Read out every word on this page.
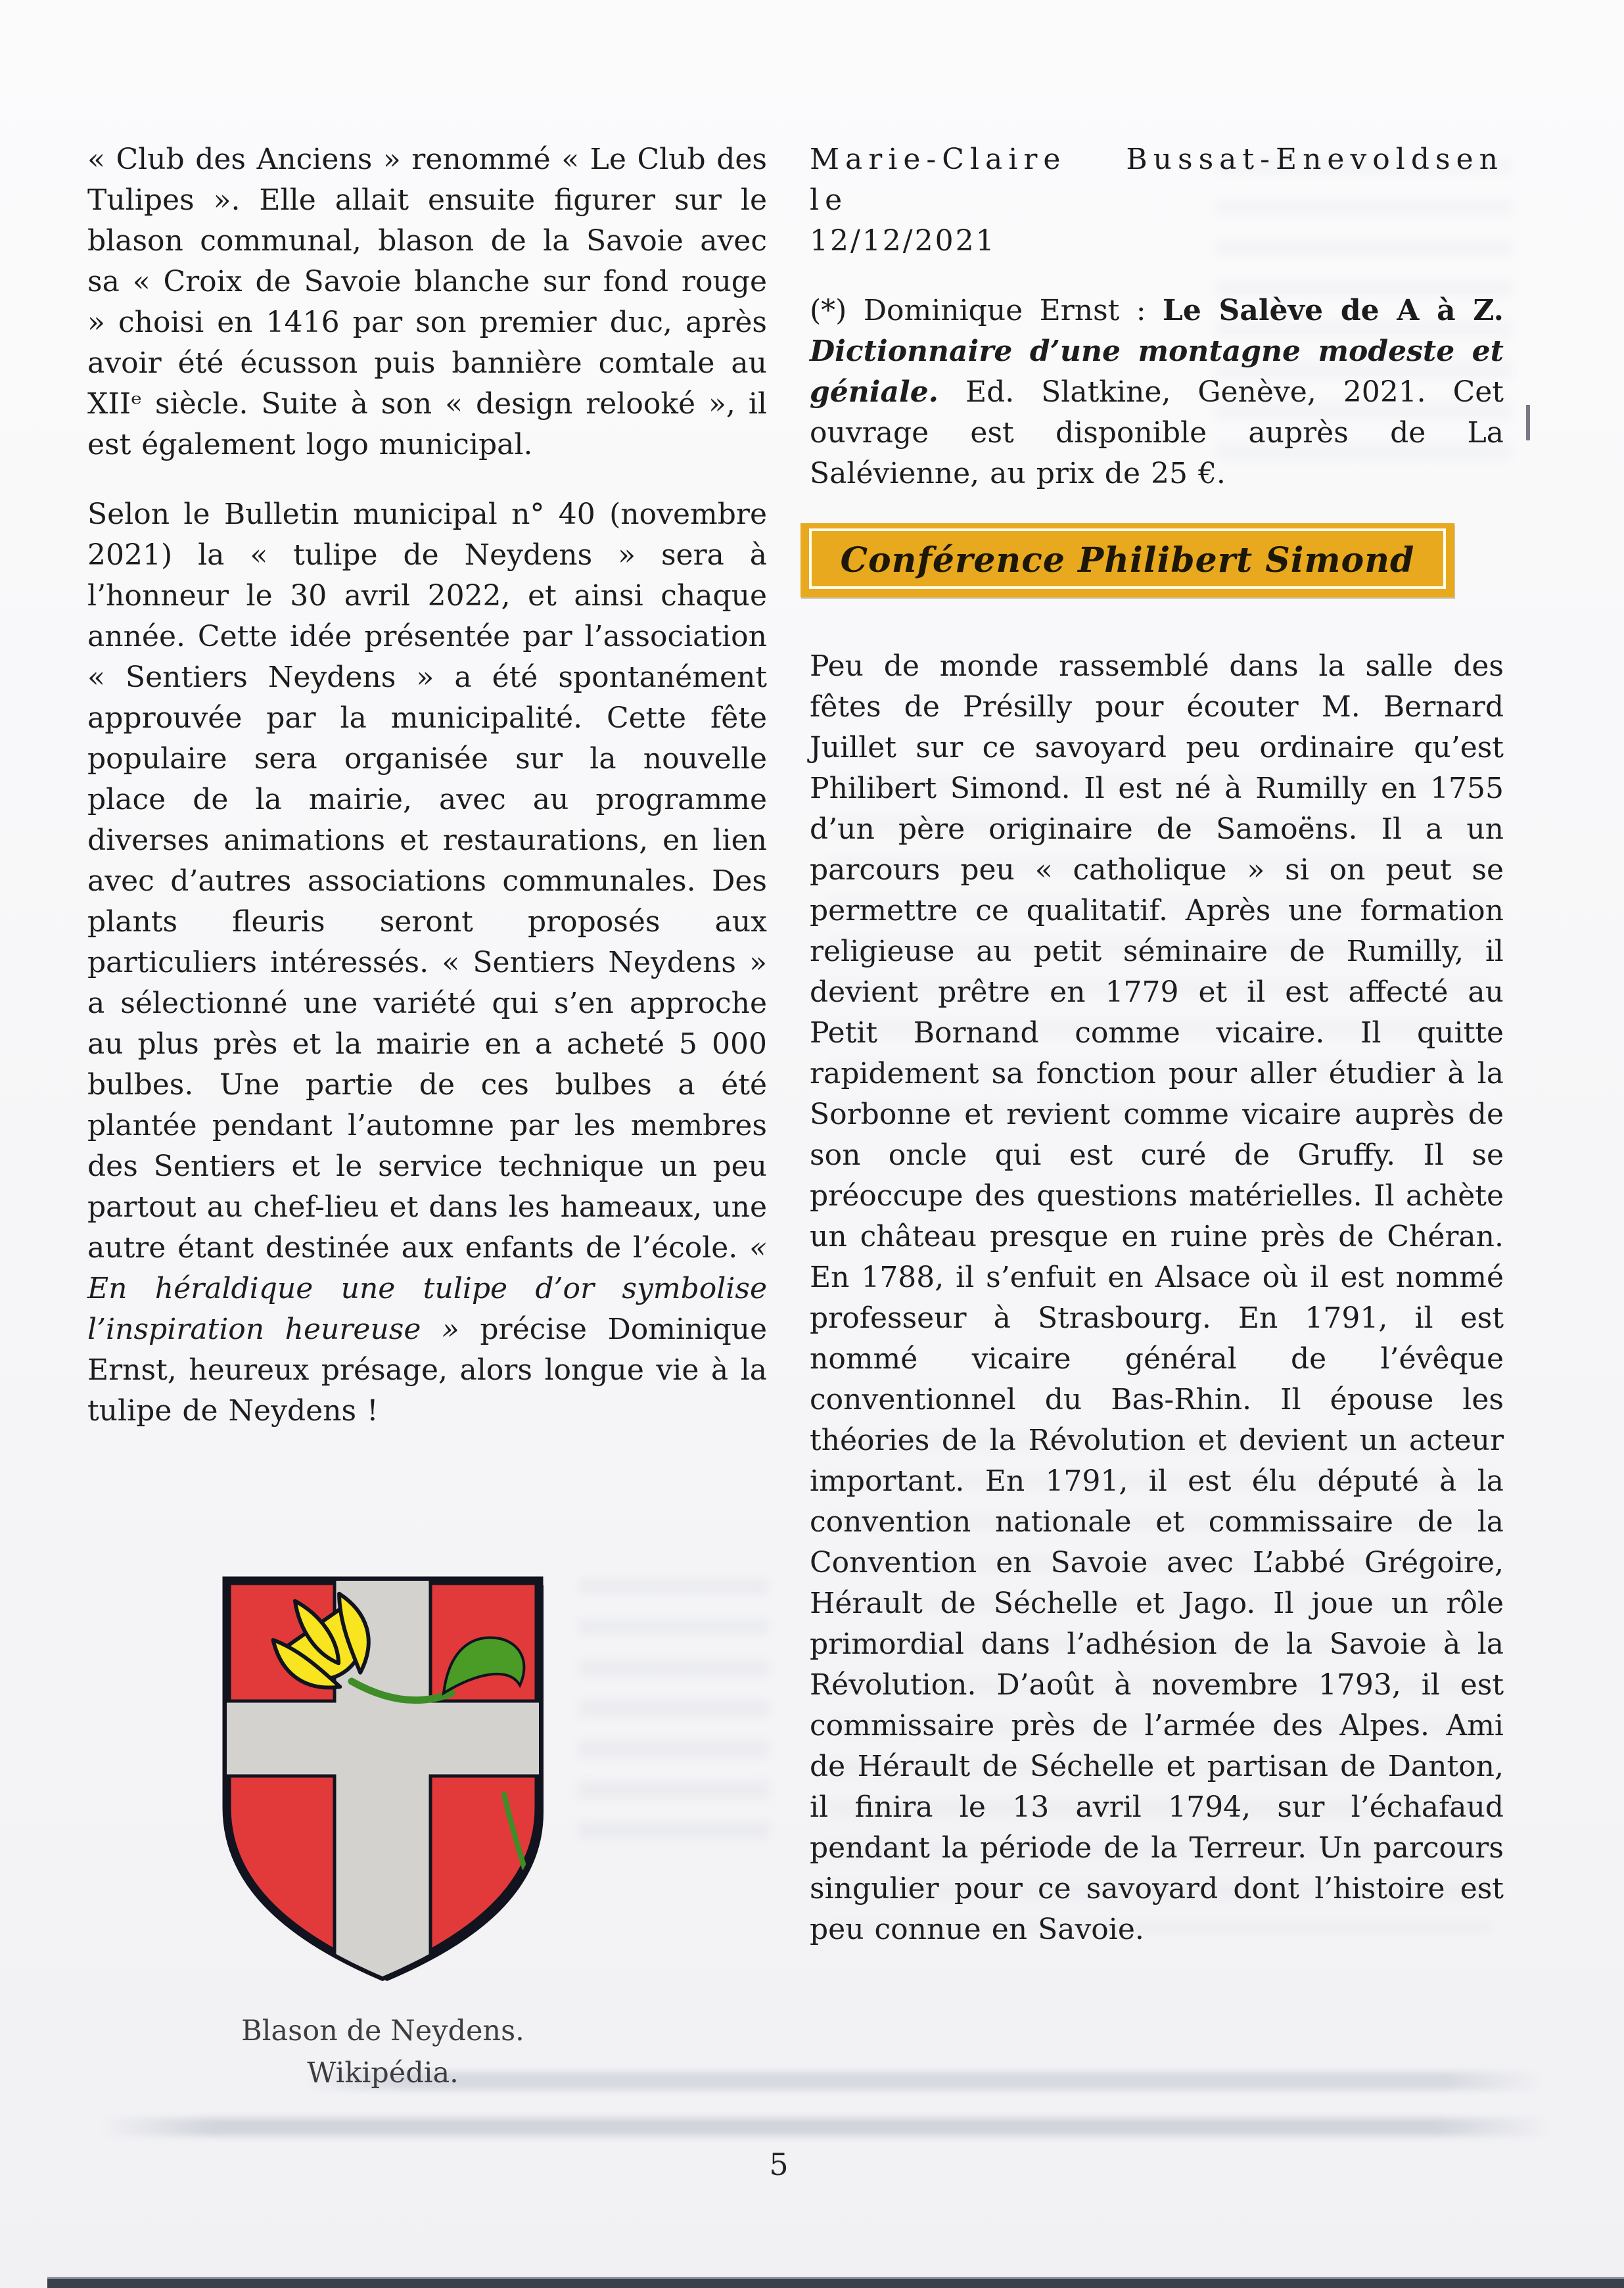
« Club des Anciens » renommé « Le Club des Tulipes ». Elle allait ensuite figurer sur le blason communal, blason de la Savoie avec sa « Croix de Savoie blanche sur fond rouge » choisi en 1416 par son premier duc, après avoir été écusson puis bannière comtale au XIIᵉ siècle. Suite à son « design relooké », il est également logo municipal.

Selon le Bulletin municipal n° 40 (novembre 2021) la « tulipe de Neydens » sera à l’honneur le 30 avril 2022, et ainsi chaque année. Cette idée présentée par l’association « Sentiers Neydens » a été spontanément approuvée par la municipalité. Cette fête populaire sera organisée sur la nouvelle place de la mairie, avec au programme diverses animations et restaurations, en lien avec d’autres associations communales. Des plants fleuris seront proposés aux particuliers intéressés. « Sentiers Neydens » a sélectionné une variété qui s’en approche au plus près et la mairie en a acheté 5 000 bulbes. Une partie de ces bulbes a été plantée pendant l’automne par les membres des Sentiers et le service technique un peu partout au chef-lieu et dans les hameaux, une autre étant destinée aux enfants de l’école. « En héraldique une tulipe d’or symbolise l’inspiration heureuse » précise Dominique Ernst, heureux présage, alors longue vie à la tulipe de Neydens !

Marie-Claire Bussat-Enevoldsen le
12/12/2021

(*) Dominique Ernst : Le Salève de A à Z. Dictionnaire d’une montagne modeste et géniale. Ed. Slatkine, Genève, 2021. Cet ouvrage est disponible auprès de La Salévienne, au prix de 25 €.

Conférence Philibert Simond

Peu de monde rassemblé dans la salle des fêtes de Présilly pour écouter M. Bernard Juillet sur ce savoyard peu ordinaire qu’est Philibert Simond. Il est né à Rumilly en 1755 d’un père originaire de Samoëns. Il a un parcours peu « catholique » si on peut se permettre ce qualitatif. Après une formation religieuse au petit séminaire de Rumilly, il devient prêtre en 1779 et il est affecté au Petit Bornand comme vicaire. Il quitte rapidement sa fonction pour aller étudier à la Sorbonne et revient comme vicaire auprès de son oncle qui est curé de Gruffy. Il se préoccupe des questions matérielles. Il achète un château presque en ruine près de Chéran. En 1788, il s’enfuit en Alsace où il est nommé professeur à Strasbourg. En 1791, il est nommé vicaire général de l’évêque conventionnel du Bas-Rhin. Il épouse les théories de la Révolution et devient un acteur important. En 1791, il est élu député à la convention nationale et commissaire de la Convention en Savoie avec L’abbé Grégoire, Hérault de Séchelle et Jago. Il joue un rôle primordial dans l’adhésion de la Savoie à la Révolution. D’août à novembre 1793, il est commissaire près de l’armée des Alpes. Ami de Hérault de Séchelle et partisan de Danton, il finira le 13 avril 1794, sur l’échafaud pendant la période de la Terreur. Un parcours singulier pour ce savoyard dont l’histoire est peu connue en Savoie.

Blason de Neydens.
Wikipédia.
5
